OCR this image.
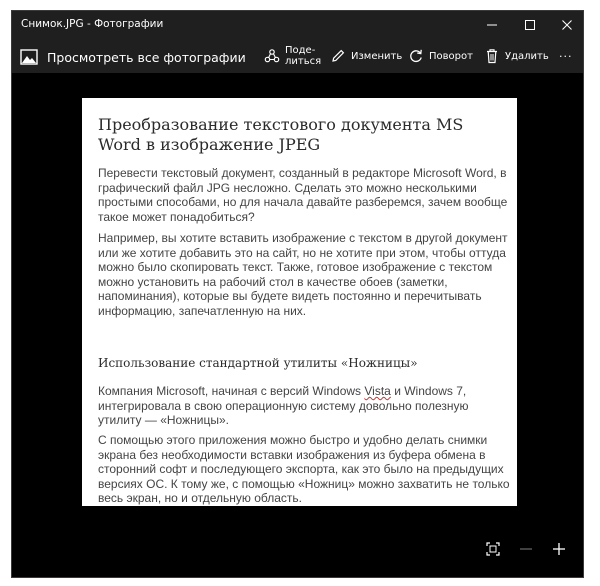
Снимок.JPG - Фотографии
Просмотреть все фотографии	Поде-литься	Изменить	Поворот	Удалить ···
Преобразование текстового документа MS Word в изображение JPEG
Перевести текстовый документ, созданный в редакторе Microsoft Word, в графический файл JPG несложно. Сделать это можно несколькими простыми способами, но для начала давайте разберемся, зачем вообще такое может понадобиться?
Например, вы хотите вставить изображение с текстом в другой документ или же хотите добавить это на сайт, но не хотите при этом, чтобы оттуда можно было скопировать текст. Также, готовое изображение с текстом можно установить на рабочий стол в качестве обоев (заметки, напоминания), которые вы будете видеть постоянно и перечитывать информацию, запечатленную на них.
Использование стандартной утилиты «Ножницы»
Компания Microsoft, начиная с версий Windows Vista и Windows 7, интегрировала в свою операционную систему довольно полезную утилиту — «Ножницы».
С помощью этого приложения можно быстро и удобно делать снимки экрана без необходимости вставки изображения из буфера обмена в сторонний софт и последующего экспорта, как это было на предыдущих версиях ОС. К тому же, с помощью «Ножниц» можно захватить не только весь экран, но и отдельную область.
